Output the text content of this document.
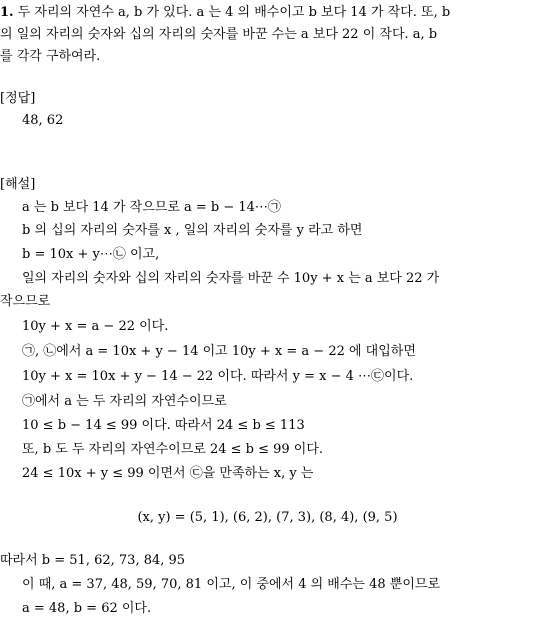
1. 두 자리의 자연수 a, b 가 있다. a 는 4 의 배수이고 b 보다 14 가 작다. 또, b
의 일의 자리의 숫자와 십의 자리의 숫자를 바꾼 수는 a 보다 22 이 작다. a, b
를 각각 구하여라.
[정답]
48, 62
[해설]
a 는 b 보다 14 가 작으므로 a = b − 14⋯㉠
b 의 십의 자리의 숫자를 x , 일의 자리의 숫자를 y 라고 하면
b = 10x + y⋯㉡ 이고,
일의 자리의 숫자와 십의 자리의 숫자를 바꾼 수 10y + x 는 a 보다 22 가
작으므로
10y + x = a − 22 이다.
㉠, ㉡에서 a = 10x + y − 14 이고 10y + x = a − 22 에 대입하면
10y + x = 10x + y − 14 − 22 이다. 따라서 y = x − 4 ⋯㉢이다.
㉠에서 a 는 두 자리의 자연수이므로
10 ≤ b − 14 ≤ 99 이다. 따라서 24 ≤ b ≤ 113
또, b 도 두 자리의 자연수이므로 24 ≤ b ≤ 99 이다.
24 ≤ 10x + y ≤ 99 이면서 ㉢을 만족하는 x, y 는
(x, y) = (5, 1), (6, 2), (7, 3), (8, 4), (9, 5)
따라서 b = 51, 62, 73, 84, 95
이 때, a = 37, 48, 59, 70, 81 이고, 이 중에서 4 의 배수는 48 뿐이므로
a = 48, b = 62 이다.
